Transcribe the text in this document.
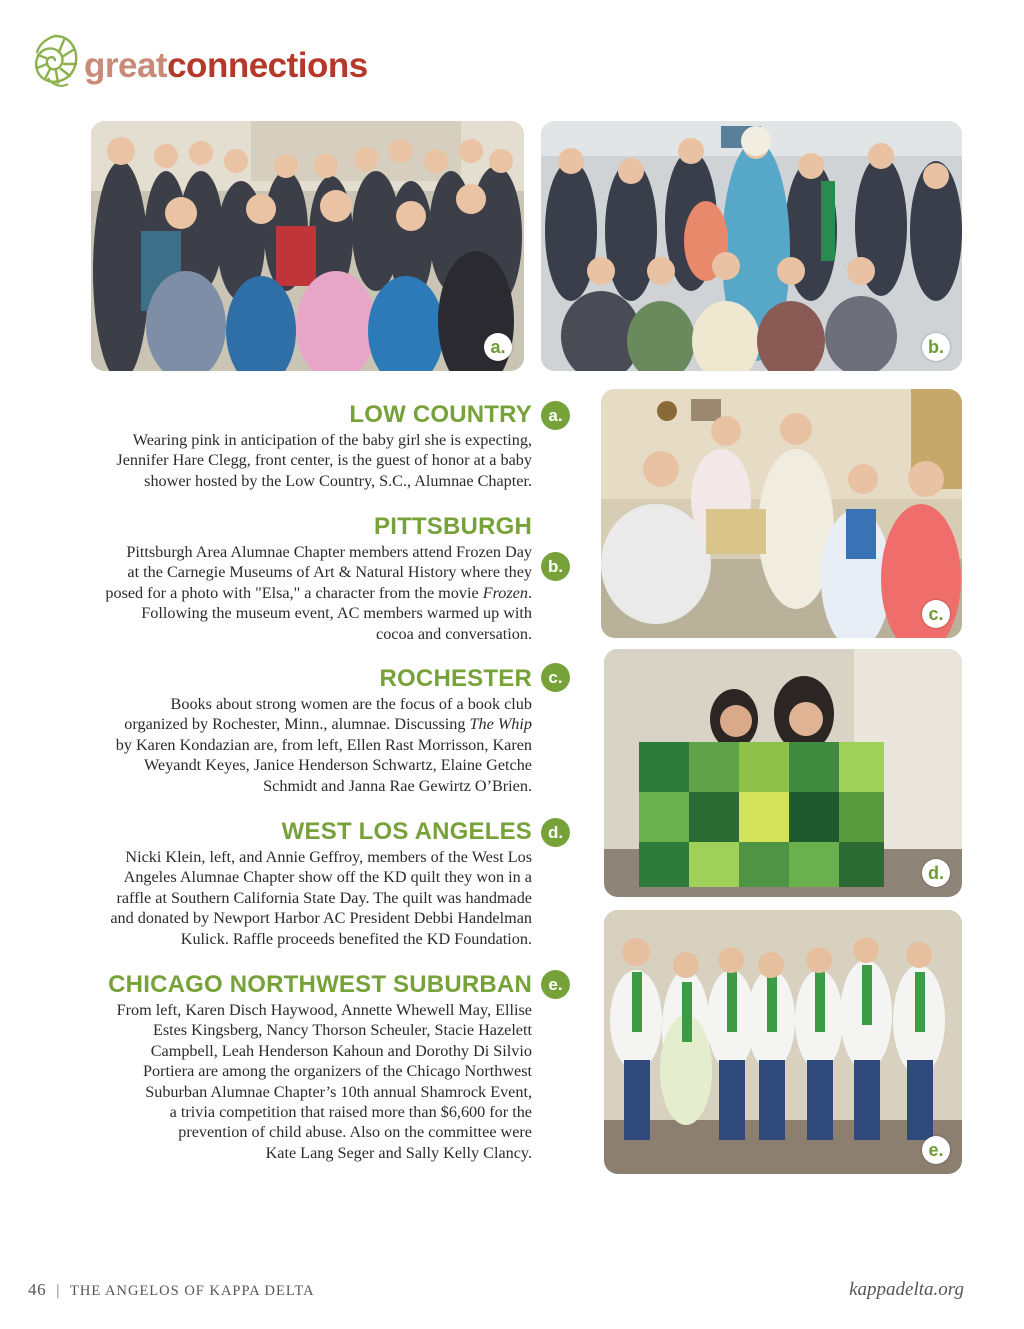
greatconnections
a.	b.
c.
d.
e.
a.
LOW COUNTRY

Wearing pink in anticipation of the baby girl she is expecting,
Jennifer Hare Clegg, front center, is the guest of honor at a baby
shower hosted by the Low Country, S.C., Alumnae Chapter.

b.
PITTSBURGH

Pittsburgh Area Alumnae Chapter members attend Frozen Day
at the Carnegie Museums of Art & Natural History where they
posed for a photo with "Elsa," a character from the movie Frozen.
Following the museum event, AC members warmed up with
cocoa and conversation.

c.
ROCHESTER

Books about strong women are the focus of a book club
organized by Rochester, Minn., alumnae. Discussing The Whip
by Karen Kondazian are, from left, Ellen Rast Morrisson, Karen
Weyandt Keyes, Janice Henderson Schwartz, Elaine Getche
Schmidt and Janna Rae Gewirtz O’Brien.

d.
WEST LOS ANGELES

Nicki Klein, left, and Annie Geffroy, members of the West Los
Angeles Alumnae Chapter show off the KD quilt they won in a
raffle at Southern California State Day. The quilt was handmade
and donated by Newport Harbor AC President Debbi Handelman
Kulick. Raffle proceeds benefited the KD Foundation.

e.
CHICAGO NORTHWEST SUBURBAN

From left, Karen Disch Haywood, Annette Whewell May, Ellise
Estes Kingsberg, Nancy Thorson Scheuler, Stacie Hazelett
Campbell, Leah Henderson Kahoun and Dorothy Di Silvio
Portiera are among the organizers of the Chicago Northwest
Suburban Alumnae Chapter’s 10th annual Shamrock Event,
a trivia competition that raised more than $6,600 for the
prevention of child abuse. Also on the committee were
Kate Lang Seger and Sally Kelly Clancy.

46 | THE ANGELOS OF KAPPA DELTA	kappadelta.org
